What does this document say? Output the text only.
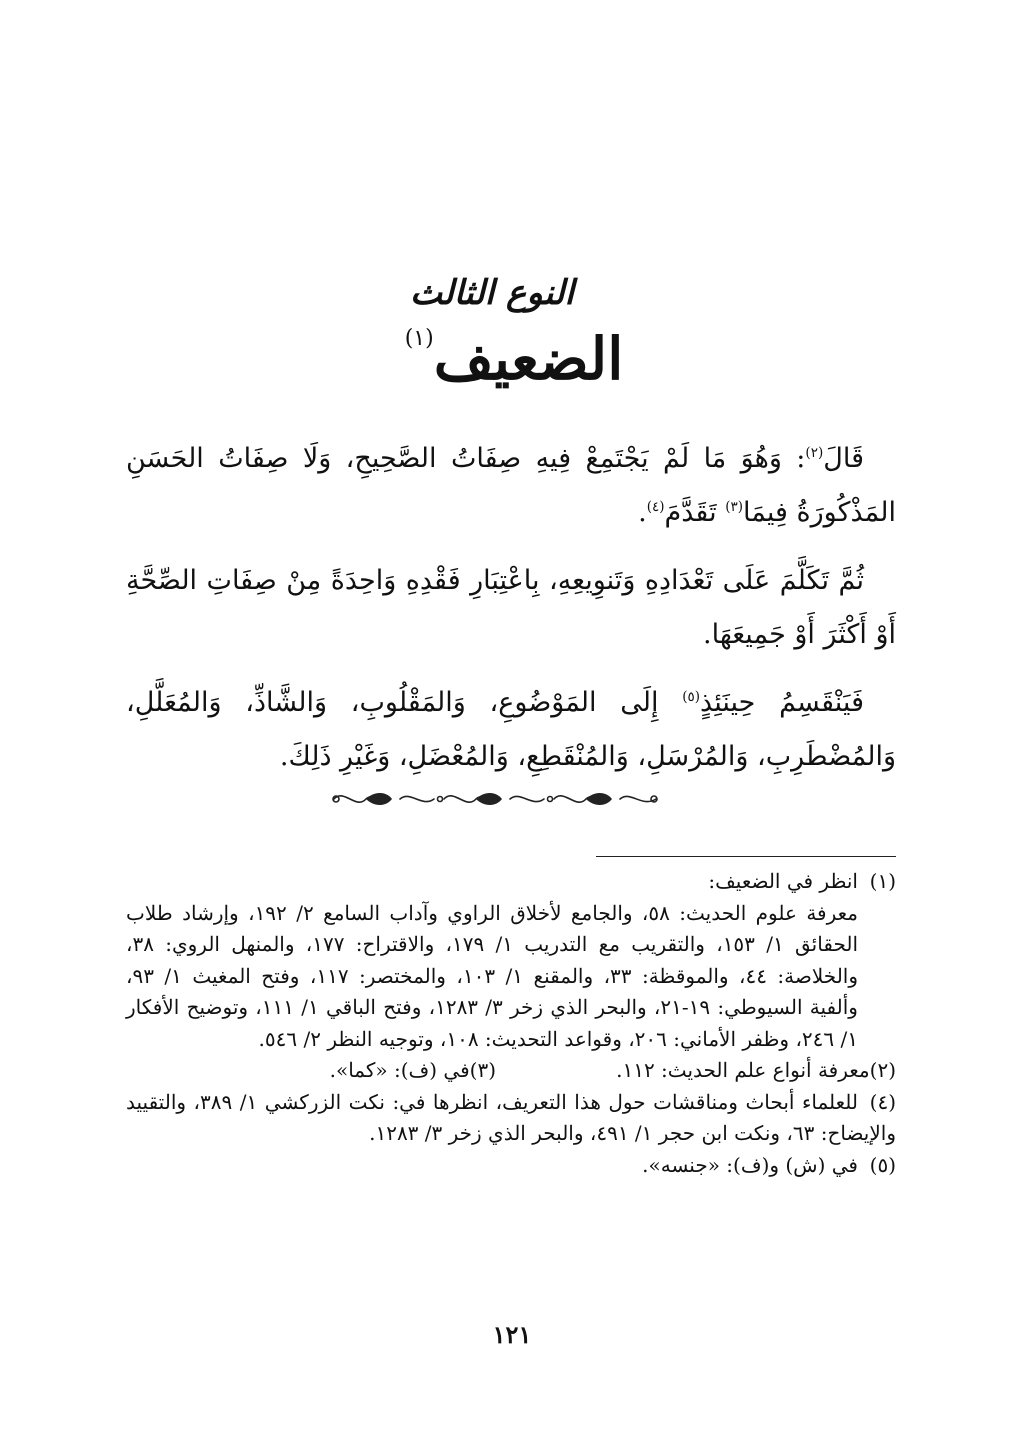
النوع الثالث
الضعيف$^{(١)}$

قَالَ$^{(٢)}$: وَهُوَ مَا لَمْ يَجْتَمِعْ فِيهِ صِفَاتُ الصَّحِيحِ، وَلَا صِفَاتُ الحَسَنِ المَذْكُورَةُ فِيمَا$^{(٣)}$ تَقَدَّمَ$^{(٤)}$.

ثُمَّ تَكَلَّمَ عَلَى تَعْدَادِهِ وَتَنوِيعِهِ، بِاعْتِبَارِ فَقْدِهِ وَاحِدَةً مِنْ صِفَاتِ الصِّحَّةِ أَوْ أَكْثَرَ أَوْ جَمِيعَهَا.

فَيَنْقَسِمُ حِينَئِذٍ$^{(٥)}$ إِلَى المَوْضُوعِ، وَالمَقْلُوبِ، وَالشَّاذِّ، وَالمُعَلَّلِ، وَالمُضْطَرِبِ، وَالمُرْسَلِ، وَالمُنْقَطِعِ، وَالمُعْضَلِ، وَغَيْرِ ذَلِكَ.

(١)انظر في الضعيف:

معرفة علوم الحديث: ٥٨، والجامع لأخلاق الراوي وآداب السامع ٢/ ١٩٢، وإرشاد طلاب الحقائق ١/ ١٥٣، والتقريب مع التدريب ١/ ١٧٩، والاقتراح: ١٧٧، والمنهل الروي: ٣٨، والخلاصة: ٤٤، والموقظة: ٣٣، والمقنع ١/ ١٠٣، والمختصر: ١١٧، وفتح المغيث ١/ ٩٣، وألفية السيوطي: ١٩-٢١، والبحر الذي زخر ٣/ ١٢٨٣، وفتح الباقي ١/ ١١١، وتوضيح الأفكار ١/ ٢٤٦، وظفر الأماني: ٢٠٦، وقواعد التحديث: ١٠٨، وتوجيه النظر ٢/ ٥٤٦.

(٢)معرفة أنواع علم الحديث: ١١٢.
(٣)في (ف): «كما».

(٤)للعلماء أبحاث ومناقشات حول هذا التعريف، انظرها في: نكت الزركشي ١/ ٣٨٩، والتقييد والإيضاح: ٦٣، ونكت ابن حجر ١/ ٤٩١، والبحر الذي زخر ٣/ ١٢٨٣.

(٥)في (ش) و(ف): «جنسه».

١٢١
